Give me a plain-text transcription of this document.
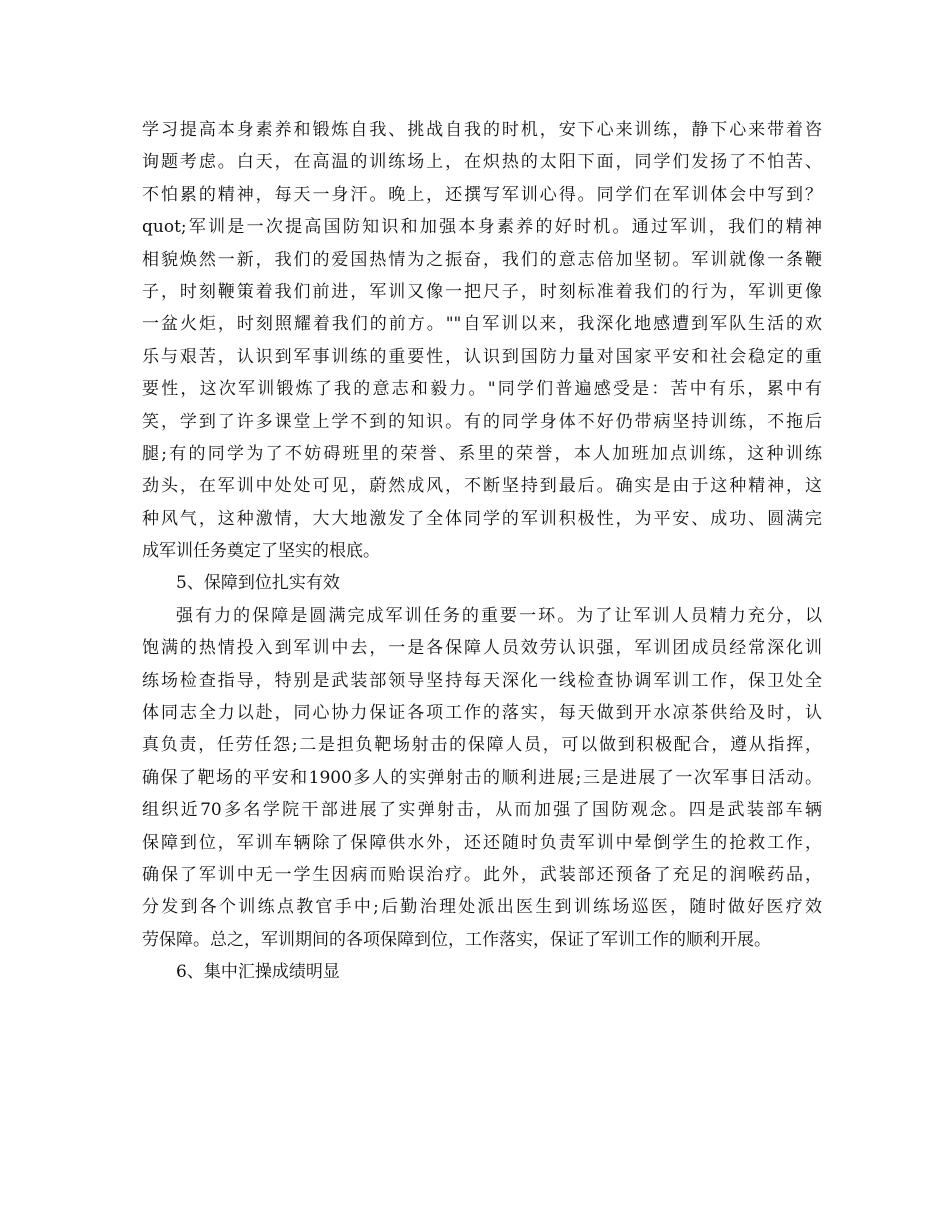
学习提高本身素养和锻炼自我、挑战自我的时机，安下心来训练，静下心来带着咨
询题考虑。白天，在高温的训练场上，在炽热的太阳下面，同学们发扬了不怕苦、
不怕累的精神，每天一身汗。晚上，还撰写军训心得。同学们在军训体会中写到？
quot;军训是一次提高国防知识和加强本身素养的好时机。通过军训，我们的精神
相貌焕然一新，我们的爱国热情为之振奋，我们的意志倍加坚韧。军训就像一条鞭
子，时刻鞭策着我们前进，军训又像一把尺子，时刻标准着我们的行为，军训更像
一盆火炬，时刻照耀着我们的前方。""自军训以来，我深化地感遭到军队生活的欢
乐与艰苦，认识到军事训练的重要性，认识到国防力量对国家平安和社会稳定的重
要性，这次军训锻炼了我的意志和毅力。"同学们普遍感受是：苦中有乐，累中有
笑，学到了许多课堂上学不到的知识。有的同学身体不好仍带病坚持训练，不拖后
腿;有的同学为了不妨碍班里的荣誉、系里的荣誉，本人加班加点训练，这种训练
劲头，在军训中处处可见，蔚然成风，不断坚持到最后。确实是由于这种精神，这
种风气，这种激情，大大地激发了全体同学的军训积极性，为平安、成功、圆满完
成军训任务奠定了坚实的根底。
5、保障到位扎实有效
强有力的保障是圆满完成军训任务的重要一环。为了让军训人员精力充分，以
饱满的热情投入到军训中去，一是各保障人员效劳认识强，军训团成员经常深化训
练场检查指导，特别是武装部领导坚持每天深化一线检查协调军训工作，保卫处全
体同志全力以赴，同心协力保证各项工作的落实，每天做到开水凉茶供给及时，认
真负责，任劳任怨;二是担负靶场射击的保障人员，可以做到积极配合，遵从指挥，
确保了靶场的平安和1900多人的实弹射击的顺利进展;三是进展了一次军事日活动。
组织近70多名学院干部进展了实弹射击，从而加强了国防观念。四是武装部车辆
保障到位，军训车辆除了保障供水外，还还随时负责军训中晕倒学生的抢救工作，
确保了军训中无一学生因病而贻误治疗。此外，武装部还预备了充足的润喉药品，
分发到各个训练点教官手中;后勤治理处派出医生到训练场巡医，随时做好医疗效
劳保障。总之，军训期间的各项保障到位，工作落实，保证了军训工作的顺利开展。
6、集中汇操成绩明显
